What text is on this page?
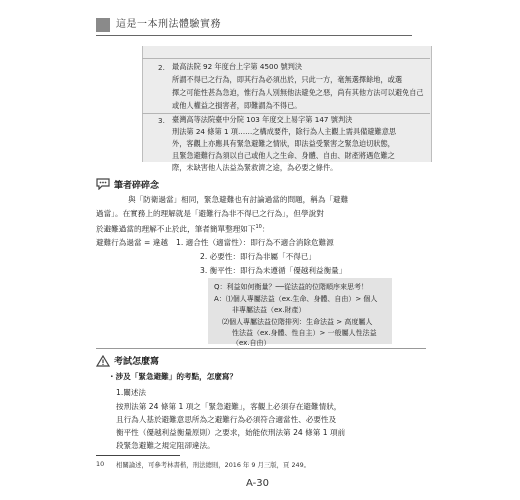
這是一本刑法體驗實務
2. 最高法院 92 年度台上字第 4500 號判決
所謂不得已之行為，即其行為必須出於，只此一方，毫無選擇餘地，或選
擇之可能性甚為急迫，惟行為人別無他法避免之惡，尚有其他方法可以避免自己
或他人權益之損害者，即難謂為不得已。
3. 臺灣高等法院臺中分院 103 年度交上易字第 147 號判決
刑法第 24 條第 1 項……之構成要件，除行為人主觀上需具備避難意思
外，客觀上亦應具有緊急避難之情狀，即法益受緊害之緊急迫切狀態，
且緊急避難行為須以自己或他人之生命、身體、自由、財產將遇危難之
際，未缺害他人法益為緊救濟之途，為必要之條件。
筆者碎碎念
與「防衛過當」相同，緊急避難也有討論過當的問題，稱為「避難
過當」。在實務上的理解就是「避難行為非不得已之行為」，但學說對
於避難過當的理解不止於此，筆者簡單整理如下$^{10}$：
避難行為過當 = 違越 1. 適合性（適當性）：即行為不適合消除危難源
2. 必要性：即行為非屬「不得已」
3. 衡平性：即行為未遵循「優越利益衡量」
Q：利益如何衡量？──從法益的位階順序來思考！
A：⑴個人專屬法益（ex.生命、身體、自由）> 個人
非專屬法益（ex.財產）
⑵個人專屬法益位階排列：生命法益 > 高度屬人
性法益（ex.身體、性自主）> 一般屬人性法益
（ex.自由）
考試怎麼寫
・涉及「緊急避難」的考點，怎麼寫？
1.闡述法
按刑法第 24 條第 1 項之「緊急避難」，客觀上必須存在避難情狀，
且行為人基於避難意思所為之避難行為必須符合適當性、必要性及
衡平性（優越利益衡量原則）之要求，始能依刑法第 24 條第 1 項前
段緊急避難之規定阻卻違法。
10 相關論述，可參考林書楷，刑法總則，2016 年 9 月三版，頁 249。
A-30
